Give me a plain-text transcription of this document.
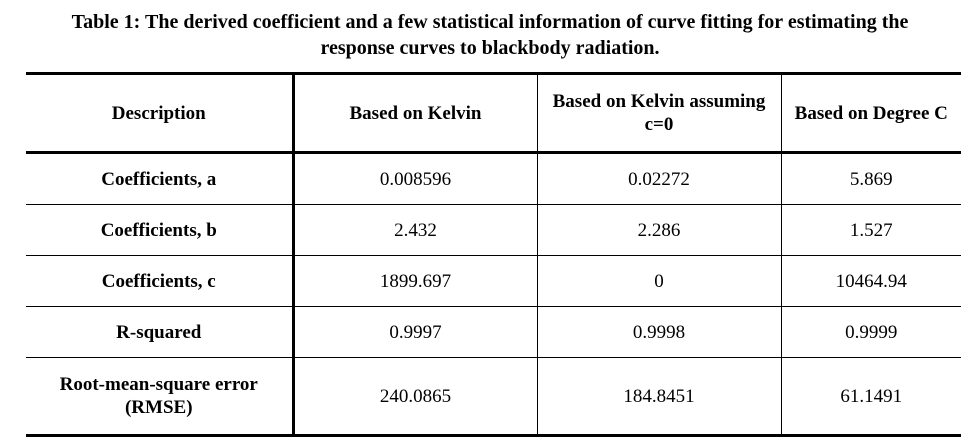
Table 1: The derived coefficient and a few statistical information of curve fitting for estimating the
response curves to blackbody radiation.
Description	Based on Kelvin	Based on Kelvin assuming c=0	Based on Degree C
Coefficients, a	0.008596	0.02272	5.869
Coefficients, b	2.432	2.286	1.527
Coefficients, c	1899.697	0	10464.94
R-squared	0.9997	0.9998	0.9999
Root-mean-square error (RMSE)	240.0865	184.8451	61.1491
